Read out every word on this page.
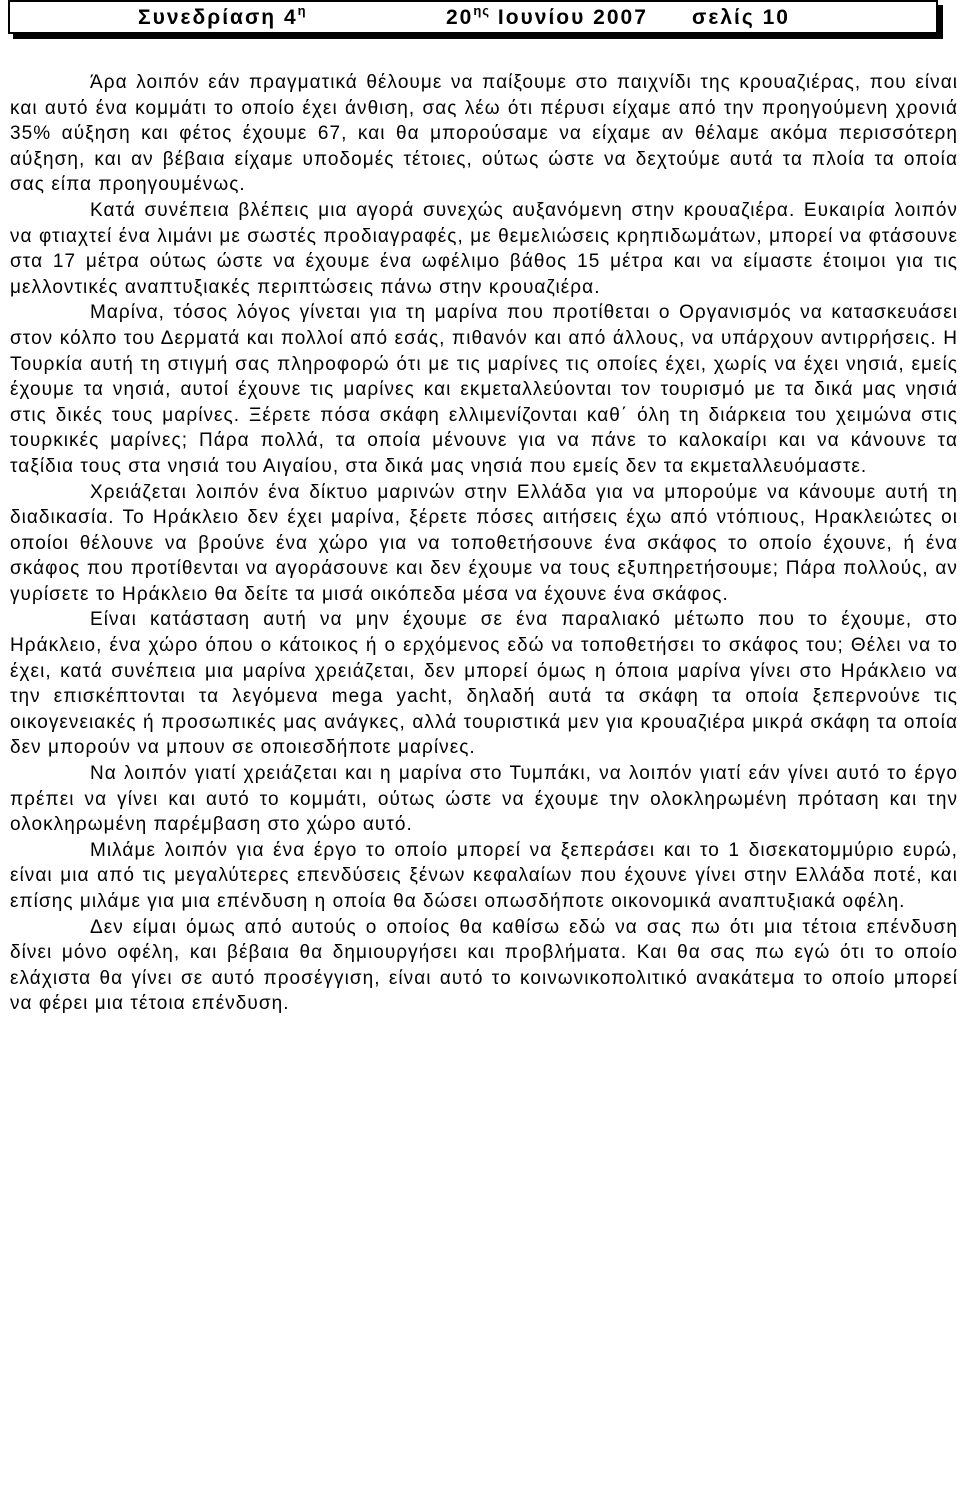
Συνεδρίαση $4^\eta$	$20^{\eta\varsigma}$ Ιουνίου 2007 σελίς 10

Άρα λοιπόν εάν πραγματικά θέλουμε να παίξουμε στο παιχνίδι της κρουαζιέρας, που είναι και αυτό ένα κομμάτι το οποίο έχει άνθιση, σας λέω ότι πέρυσι είχαμε από την προηγούμενη χρονιά 35% αύξηση και φέτος έχουμε 67, και θα μπορούσαμε να είχαμε αν θέλαμε ακόμα περισσότερη αύξηση, και αν βέβαια είχαμε υποδομές τέτοιες, ούτως ώστε να δεχτούμε αυτά τα πλοία τα οποία σας είπα προηγουμένως.

Κατά συνέπεια βλέπεις μια αγορά συνεχώς αυξανόμενη στην κρουαζιέρα. Ευκαιρία λοιπόν να φτιαχτεί ένα λιμάνι με σωστές προδιαγραφές, με θεμελιώσεις κρηπιδωμάτων, μπορεί να φτάσουνε στα 17 μέτρα ούτως ώστε να έχουμε ένα ωφέλιμο βάθος 15 μέτρα και να είμαστε έτοιμοι για τις μελλοντικές αναπτυξιακές περιπτώσεις πάνω στην κρουαζιέρα.

Μαρίνα, τόσος λόγος γίνεται για τη μαρίνα που προτίθεται ο Οργανισμός να κατασκευάσει στον κόλπο του Δερματά και πολλοί από εσάς, πιθανόν και από άλλους, να υπάρχουν αντιρρήσεις. Η Τουρκία αυτή τη στιγμή σας πληροφορώ ότι με τις μαρίνες τις οποίες έχει, χωρίς να έχει νησιά, εμείς έχουμε τα νησιά, αυτοί έχουνε τις μαρίνες και εκμεταλλεύονται τον τουρισμό με τα δικά μας νησιά στις δικές τους μαρίνες. Ξέρετε πόσα σκάφη ελλιμενίζονται καθ΄ όλη τη διάρκεια του χειμώνα στις τουρκικές μαρίνες; Πάρα πολλά, τα οποία μένουνε για να πάνε το καλοκαίρι και να κάνουνε τα ταξίδια τους στα νησιά του Αιγαίου, στα δικά μας νησιά που εμείς δεν τα εκμεταλλευόμαστε.

Χρειάζεται λοιπόν ένα δίκτυο μαρινών στην Ελλάδα για να μπορούμε να κάνουμε αυτή τη διαδικασία. Το Ηράκλειο δεν έχει μαρίνα, ξέρετε πόσες αιτήσεις έχω από ντόπιους, Ηρακλειώτες οι οποίοι θέλουνε να βρούνε ένα χώρο για να τοποθετήσουνε ένα σκάφος το οποίο έχουνε, ή ένα σκάφος που προτίθενται να αγοράσουνε και δεν έχουμε να τους εξυπηρετήσουμε; Πάρα πολλούς, αν γυρίσετε το Ηράκλειο θα δείτε τα μισά οικόπεδα μέσα να έχουνε ένα σκάφος.

Είναι κατάσταση αυτή να μην έχουμε σε ένα παραλιακό μέτωπο που το έχουμε, στο Ηράκλειο, ένα χώρο όπου ο κάτοικος ή ο ερχόμενος εδώ να τοποθετήσει το σκάφος του; Θέλει να το έχει, κατά συνέπεια μια μαρίνα χρειάζεται, δεν μπορεί όμως η όποια μαρίνα γίνει στο Ηράκλειο να την επισκέπτονται τα λεγόμενα mega yacht, δηλαδή αυτά τα σκάφη τα οποία ξεπερνούνε τις οικογενειακές ή προσωπικές μας ανάγκες, αλλά τουριστικά μεν για κρουαζιέρα μικρά σκάφη τα οποία δεν μπορούν να μπουν σε οποιεσδήποτε μαρίνες.

Να λοιπόν γιατί χρειάζεται και η μαρίνα στο Τυμπάκι, να λοιπόν γιατί εάν γίνει αυτό το έργο πρέπει να γίνει και αυτό το κομμάτι, ούτως ώστε να έχουμε την ολοκληρωμένη πρόταση και την ολοκληρωμένη παρέμβαση στο χώρο αυτό.

Μιλάμε λοιπόν για ένα έργο το οποίο μπορεί να ξεπεράσει και το 1 δισεκατομμύριο ευρώ, είναι μια από τις μεγαλύτερες επενδύσεις ξένων κεφαλαίων που έχουνε γίνει στην Ελλάδα ποτέ, και επίσης μιλάμε για μια επένδυση η οποία θα δώσει οπωσδήποτε οικονομικά αναπτυξιακά οφέλη.

Δεν είμαι όμως από αυτούς ο οποίος θα καθίσω εδώ να σας πω ότι μια τέτοια επένδυση δίνει μόνο οφέλη, και βέβαια θα δημιουργήσει και προβλήματα. Και θα σας πω εγώ ότι το οποίο ελάχιστα θα γίνει σε αυτό προσέγγιση, είναι αυτό το κοινωνικοπολιτικό ανακάτεμα το οποίο μπορεί να φέρει μια τέτοια επένδυση.
